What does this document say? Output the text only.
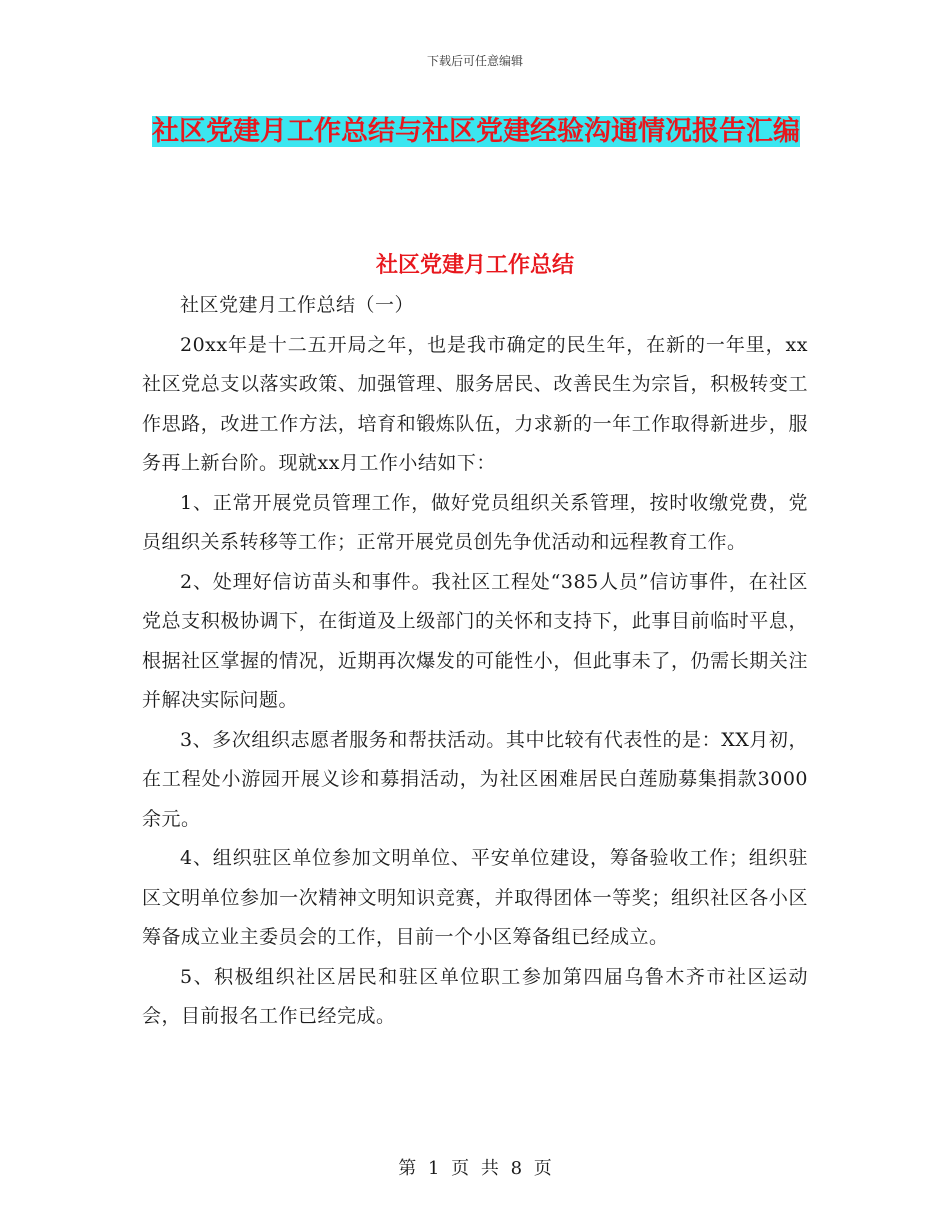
下载后可任意编辑
社区党建月工作总结与社区党建经验沟通情况报告汇编
社区党建月工作总结

社区党建月工作总结（一）

20xx年是十二五开局之年，也是我市确定的民生年，在新的一年里，xx社区党总支以落实政策、加强管理、服务居民、改善民生为宗旨，积极转变工作思路，改进工作方法，培育和锻炼队伍，力求新的一年工作取得新进步，服务再上新台阶。现就xx月工作小结如下：

1、正常开展党员管理工作，做好党员组织关系管理，按时收缴党费，党员组织关系转移等工作；正常开展党员创先争优活动和远程教育工作。

2、处理好信访苗头和事件。我社区工程处“385人员”信访事件，在社区党总支积极协调下，在街道及上级部门的关怀和支持下，此事目前临时平息，根据社区掌握的情况，近期再次爆发的可能性小，但此事未了，仍需长期关注并解决实际问题。

3、多次组织志愿者服务和帮扶活动。其中比较有代表性的是：XX月初，在工程处小游园开展义诊和募捐活动，为社区困难居民白莲励募集捐款3000余元。

4、组织驻区单位参加文明单位、平安单位建设，筹备验收工作；组织驻区文明单位参加一次精神文明知识竞赛，并取得团体一等奖；组织社区各小区筹备成立业主委员会的工作，目前一个小区筹备组已经成立。

5、积极组织社区居民和驻区单位职工参加第四届乌鲁木齐市社区运动会，目前报名工作已经完成。

第 1 页 共 8 页
